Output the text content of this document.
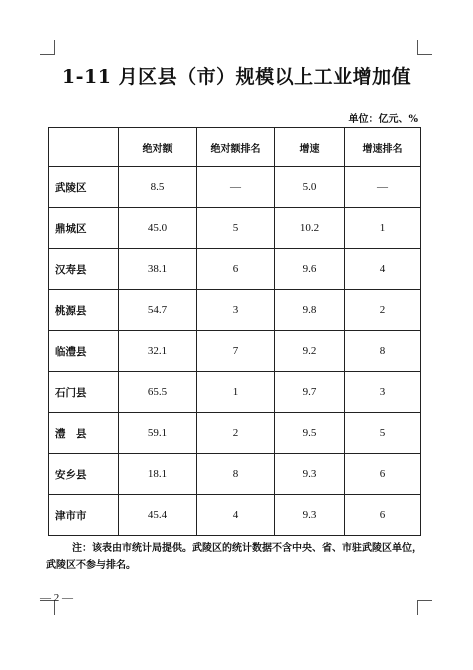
1-11 月区县（市）规模以上工业增加值
单位：亿元、%
	绝对额	绝对额排名	增速	增速排名
武陵区	8.5	—	5.0	—
鼎城区	45.0	5	10.2	1
汉寿县	38.1	6	9.6	4
桃源县	54.7	3	9.8	2
临澧县	32.1	7	9.2	8
石门县	65.5	1	9.7	3
澧　县	59.1	2	9.5	5
安乡县	18.1	8	9.3	6
津市市	45.4	4	9.3	6
注：该表由市统计局提供。武陵区的统计数据不含中央、省、市驻武陵区单位，武陵区不参与排名。
— 2 —
